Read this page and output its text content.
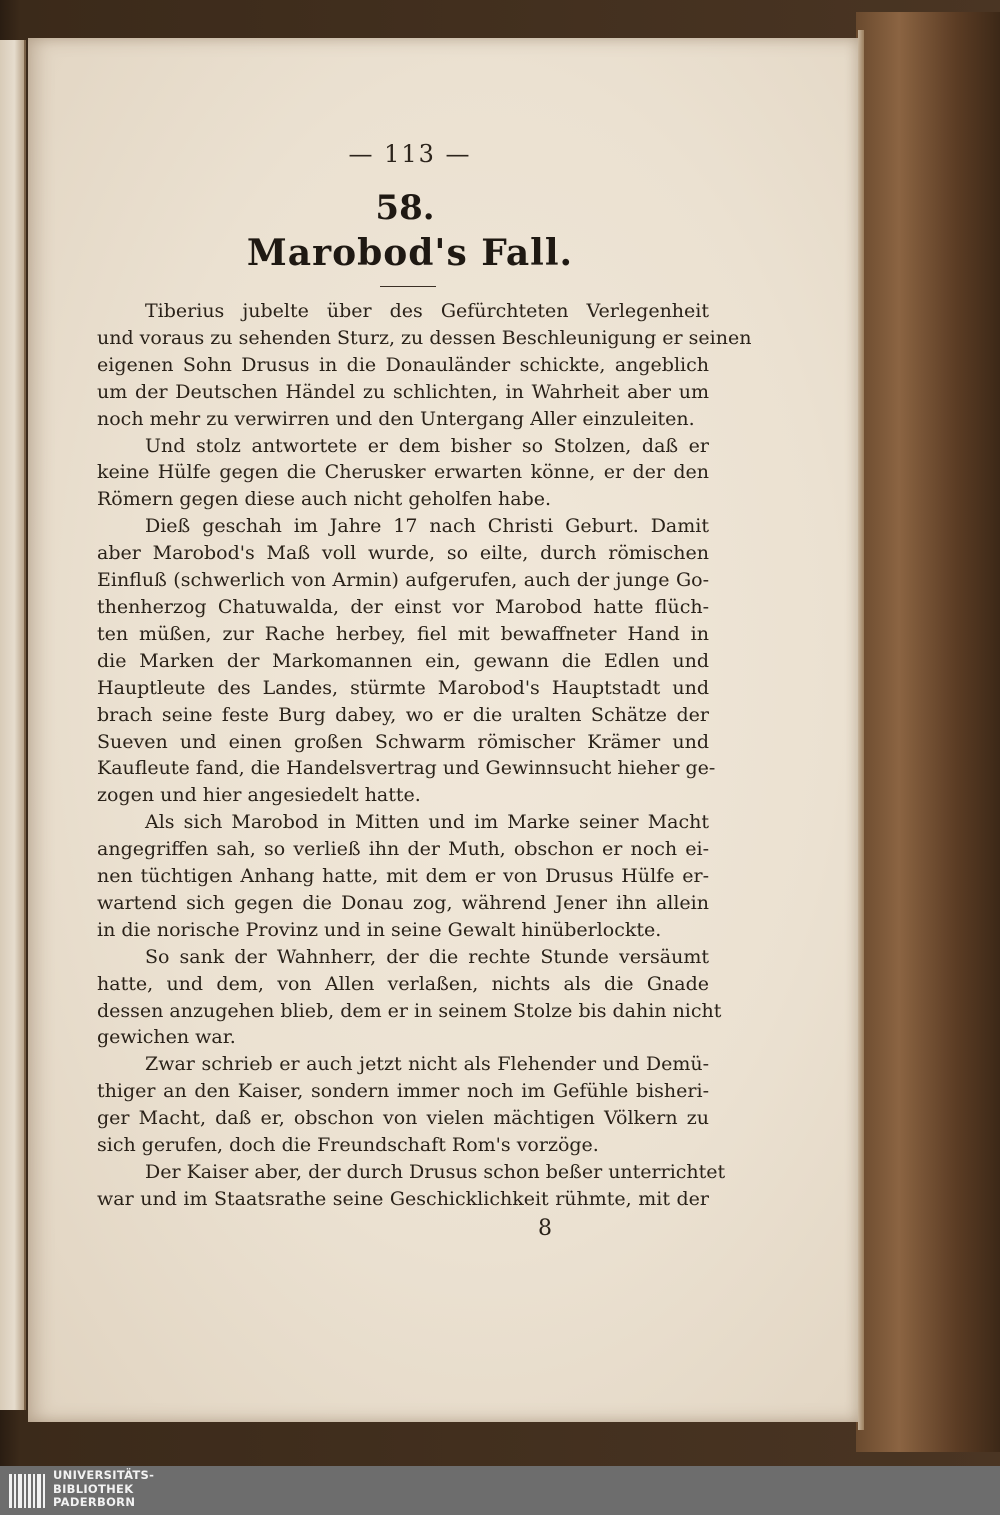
— 113 —
58.
Marobod's Fall.
Tiberius jubelte über des Gefürchteten Verlegenheit
und voraus zu sehenden Sturz, zu dessen Beschleunigung er seinen
eigenen Sohn Drusus in die Donauländer schickte, angeblich
um der Deutschen Händel zu schlichten, in Wahrheit aber um
noch mehr zu verwirren und den Untergang Aller einzuleiten.
Und stolz antwortete er dem bisher so Stolzen, daß er
keine Hülfe gegen die Cherusker erwarten könne, er der den
Römern gegen diese auch nicht geholfen habe.
Dieß geschah im Jahre 17 nach Christi Geburt. Damit
aber Marobod's Maß voll wurde, so eilte, durch römischen
Einfluß (schwerlich von Armin) aufgerufen, auch der junge Go-
thenherzog Chatuwalda, der einst vor Marobod hatte flüch-
ten müßen, zur Rache herbey, fiel mit bewaffneter Hand in
die Marken der Markomannen ein, gewann die Edlen und
Hauptleute des Landes, stürmte Marobod's Hauptstadt und
brach seine feste Burg dabey, wo er die uralten Schätze der
Sueven und einen großen Schwarm römischer Krämer und
Kaufleute fand, die Handelsvertrag und Gewinnsucht hieher ge-
zogen und hier angesiedelt hatte.
Als sich Marobod in Mitten und im Marke seiner Macht
angegriffen sah, so verließ ihn der Muth, obschon er noch ei-
nen tüchtigen Anhang hatte, mit dem er von Drusus Hülfe er-
wartend sich gegen die Donau zog, während Jener ihn allein
in die norische Provinz und in seine Gewalt hinüberlockte.
So sank der Wahnherr, der die rechte Stunde versäumt
hatte, und dem, von Allen verlaßen, nichts als die Gnade
dessen anzugehen blieb, dem er in seinem Stolze bis dahin nicht
gewichen war.
Zwar schrieb er auch jetzt nicht als Flehender und Demü-
thiger an den Kaiser, sondern immer noch im Gefühle bisheri-
ger Macht, daß er, obschon von vielen mächtigen Völkern zu
sich gerufen, doch die Freundschaft Rom's vorzöge.
Der Kaiser aber, der durch Drusus schon beßer unterrichtet
war und im Staatsrathe seine Geschicklichkeit rühmte, mit der
8
UNIVERSITÄTS-
BIBLIOTHEK
PADERBORN
